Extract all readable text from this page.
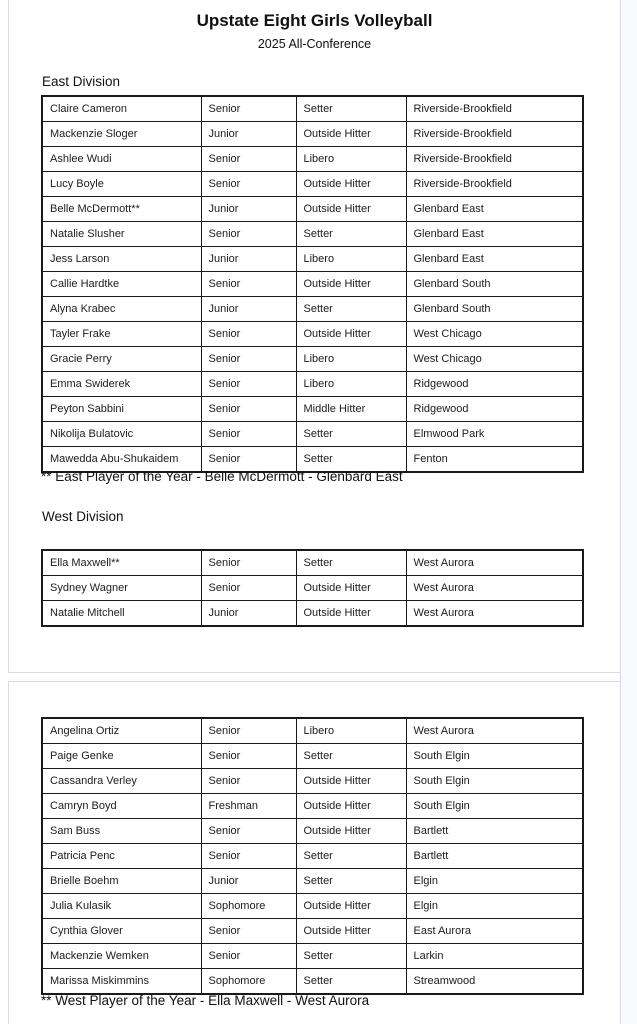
Upstate Eight Girls Volleyball
2025 All-Conference
East Division
Claire Cameron	Senior	Setter	Riverside-Brookfield
Mackenzie Sloger	Junior	Outside Hitter	Riverside-Brookfield
Ashlee Wudi	Senior	Libero	Riverside-Brookfield
Lucy Boyle	Senior	Outside Hitter	Riverside-Brookfield
Belle McDermott**	Junior	Outside Hitter	Glenbard East
Natalie Slusher	Senior	Setter	Glenbard East
Jess Larson	Junior	Libero	Glenbard East
Callie Hardtke	Senior	Outside Hitter	Glenbard South
Alyna Krabec	Junior	Setter	Glenbard South
Tayler Frake	Senior	Outside Hitter	West Chicago
Gracie Perry	Senior	Libero	West Chicago
Emma Swiderek	Senior	Libero	Ridgewood
Peyton Sabbini	Senior	Middle Hitter	Ridgewood
Nikolija Bulatovic	Senior	Setter	Elmwood Park
Mawedda Abu-Shukaidem	Senior	Setter	Fenton
** East Player of the Year - Belle McDermott - Glenbard East
West Division
Ella Maxwell**	Senior	Setter	West Aurora
Sydney Wagner	Senior	Outside Hitter	West Aurora
Natalie Mitchell	Junior	Outside Hitter	West Aurora
Angelina Ortiz	Senior	Libero	West Aurora
Paige Genke	Senior	Setter	South Elgin
Cassandra Verley	Senior	Outside Hitter	South Elgin
Camryn Boyd	Freshman	Outside Hitter	South Elgin
Sam Buss	Senior	Outside Hitter	Bartlett
Patricia Penc	Senior	Setter	Bartlett
Brielle Boehm	Junior	Setter	Elgin
Julia Kulasik	Sophomore	Outside Hitter	Elgin
Cynthia Glover	Senior	Outside Hitter	East Aurora
Mackenzie Wemken	Senior	Setter	Larkin
Marissa Miskimmins	Sophomore	Setter	Streamwood
** West Player of the Year - Ella Maxwell - West Aurora
